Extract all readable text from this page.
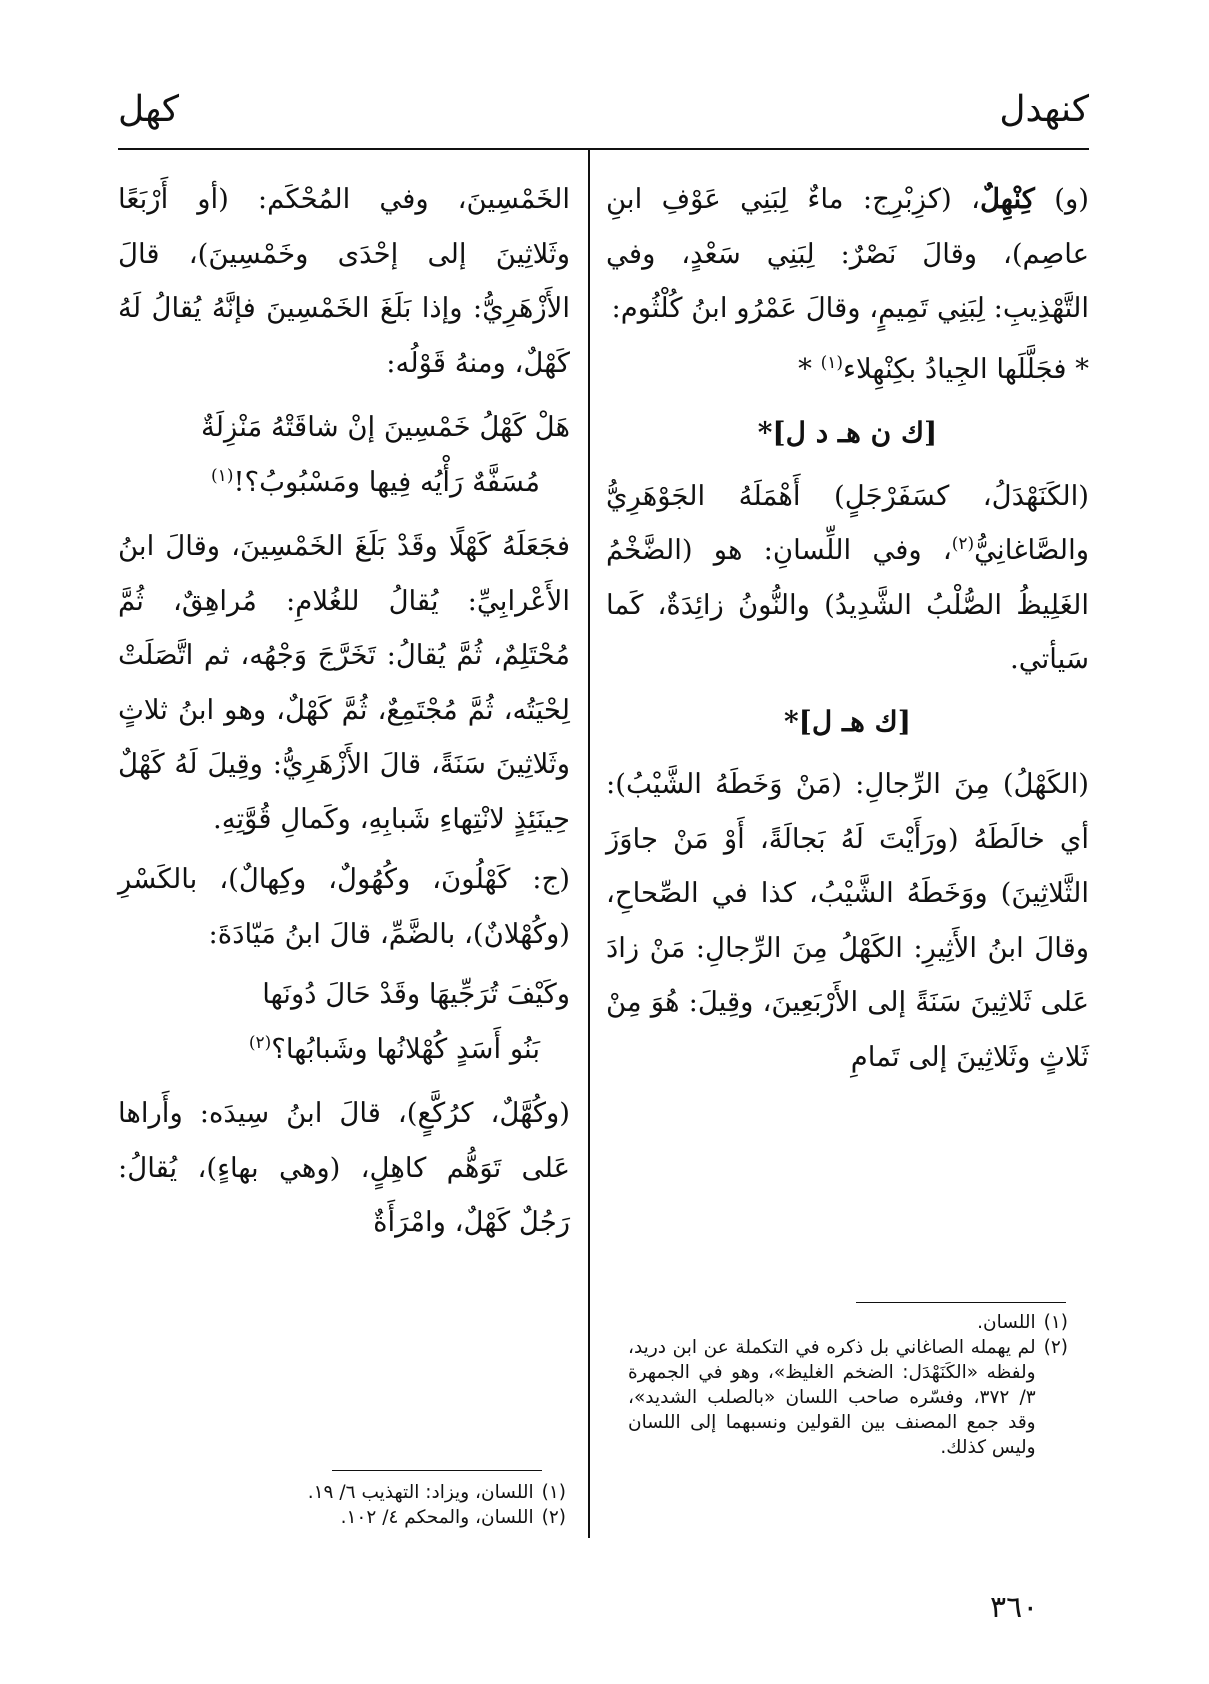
كنهدل
كهل

(و) كِنْهِلٌ، (كزِبْرِج: ماءٌ لِبَنِي عَوْفِ ابنِ عاصِم)، وقالَ نَصْرٌ: لِبَنِي سَعْدٍ، وفي التَّهْذِيبِ: لِبَنِي تَمِيمٍ، وقالَ عَمْرُو ابنُ كُلْثُوم:

* فجَلَّلَها الجِيادُ بكِنْهِلاء$^{(١)}$ *

[ك ن هـ د ل]*

(الكَنَهْدَلُ، كسَفَرْجَلٍ) أَهْمَلَهُ الجَوْهَرِيُّ والصَّاغانِيُّ$^{(٢)}$، وفي اللِّسانِ: هو (الضَّخْمُ الغَلِيظُ الصُّلْبُ الشَّدِيدُ) والنُّونُ زائِدَةٌ، كَما سَيأتي.

[ك هـ ل]*

(الكَهْلُ) مِنَ الرِّجالِ: (مَنْ وَخَطَهُ الشَّيْبُ): أي خالَطَهُ (ورَأَيْتَ لَهُ بَجالَةً، أَوْ مَنْ جاوَزَ الثَّلاثِينَ) ووَخَطَهُ الشَّيْبُ، كذا في الصِّحاحِ، وقالَ ابنُ الأَثِيرِ: الكَهْلُ مِنَ الرِّجالِ: مَنْ زادَ عَلى ثَلاثِينَ سَنَةً إلى الأَرْبَعِينَ، وقِيلَ: هُوَ مِنْ ثَلاثٍ وثَلاثِينَ إلى تَمامِ

الخَمْسِينَ، وفي المُحْكَم: (أو أَرْبَعًا وثَلاثِينَ إلى إحْدَى وخَمْسِينَ)، قالَ الأَزْهَرِيُّ: وإذا بَلَغَ الخَمْسِينَ فإنَّهُ يُقالُ لَهُ كَهْلٌ، ومنهُ قَوْلُه:

هَلْ كَهْلُ خَمْسِينَ إنْ شاقَتْهُ مَنْزِلَةٌ
مُسَفَّهٌ رَأْيُه فِيها ومَسْبُوبُ؟!$^{(١)}$

فجَعَلَهُ كَهْلًا وقَدْ بَلَغَ الخَمْسِينَ، وقالَ ابنُ الأَعْرابِيِّ: يُقالُ للغُلامِ: مُراهِقٌ، ثُمَّ مُحْتَلِمٌ، ثُمَّ يُقالُ: تَخَرَّجَ وَجْهُه، ثم اتَّصَلَتْ لِحْيَتُه، ثُمَّ مُجْتَمِعٌ، ثُمَّ كَهْلٌ، وهو ابنُ ثلاثٍ وثَلاثِينَ سَنَةً، قالَ الأَزْهَرِيُّ: وقِيلَ لَهُ كَهْلٌ حِينَئِذٍ لانْتِهاءِ شَبابِهِ، وكَمالِ قُوَّتِهِ.

(ج: كَهْلُونَ، وكُهُولٌ، وكِهالٌ)، بالكَسْرِ (وكُهْلانٌ)، بالضَّمِّ، قالَ ابنُ مَيّادَةَ:

وكَيْفَ تُرَجِّيهَا وقَدْ حَالَ دُونَها
بَنُو أَسَدٍ كُهْلانُها وشَبابُها؟$^{(٢)}$

(وكُهَّلٌ، كرُكَّعٍ)، قالَ ابنُ سِيدَه: وأَراها عَلى تَوَهُّم كاهِلٍ، (وهي بهاءٍ)، يُقالُ: رَجُلٌ كَهْلٌ، وامْرَأَةٌ

(١)
اللسان.

(٢)
لم يهمله الصاغاني بل ذكره في التكملة عن ابن دريد، ولفظه «الكَنَهْدَل: الضخم الغليظ»، وهو في الجمهرة ٣/ ٣٧٢، وفسّره صاحب اللسان «بالصلب الشديد»، وقد جمع المصنف بين القولين ونسبهما إلى اللسان وليس كذلك.

(١)
اللسان، ويزاد: التهذيب ٦/ ١٩.

(٢)
اللسان، والمحكم ٤/ ١٠٢.

٣٦٠
